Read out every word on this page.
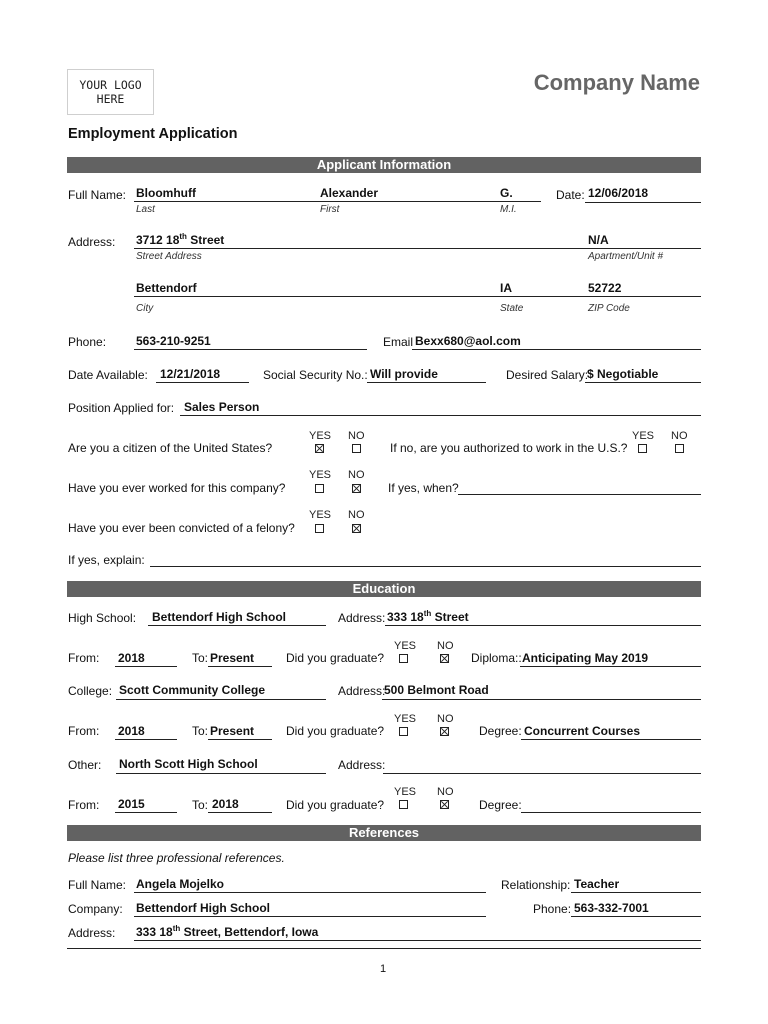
YOUR LOGO
HERE
Company Name
Employment Application
Applicant Information
Full Name: Bloomhuff	Alexander	G.
Last	First	M.I.
Date: 12/06/2018
Address: 3712 18th Street	N/A
Street Address	Apartment/Unit #
Bettendorf	IA	52722
City	State	ZIP Code
Phone: 563-210-9251	Email Bexx680@aol.com
Date Available: 12/21/2018	Social Security No.: Will provide	Desired Salary:
$ Negotiable
Position Applied for: Sales Person
YES NO
Are you a citizen of the United States?
YES NO
If no, are you authorized to work in the U.S.?
YES NO
Have you ever worked for this company?	If yes, when?
YES NO
Have you ever been convicted of a felony?
If yes, explain:
Education
High School: Bettendorf High School	Address: 333 18th Street
YES NO
From: 2018	To: Present	Did you graduate?	Diploma:: Anticipating May 2019
College: Scott Community College	Address:
500 Belmont Road
YES NO
From: 2018	To: Present	Did you graduate?	Degree: Concurrent Courses
Other: North Scott High School	Address:
YES NO
From: 2015	To: 2018	Did you graduate?	Degree:
References
Please list three professional references.
Full Name: Angela Mojelko	Relationship: Teacher
Company: Bettendorf High School	Phone: 563-332-7001
Address: 333 18th Street, Bettendorf, Iowa
1
